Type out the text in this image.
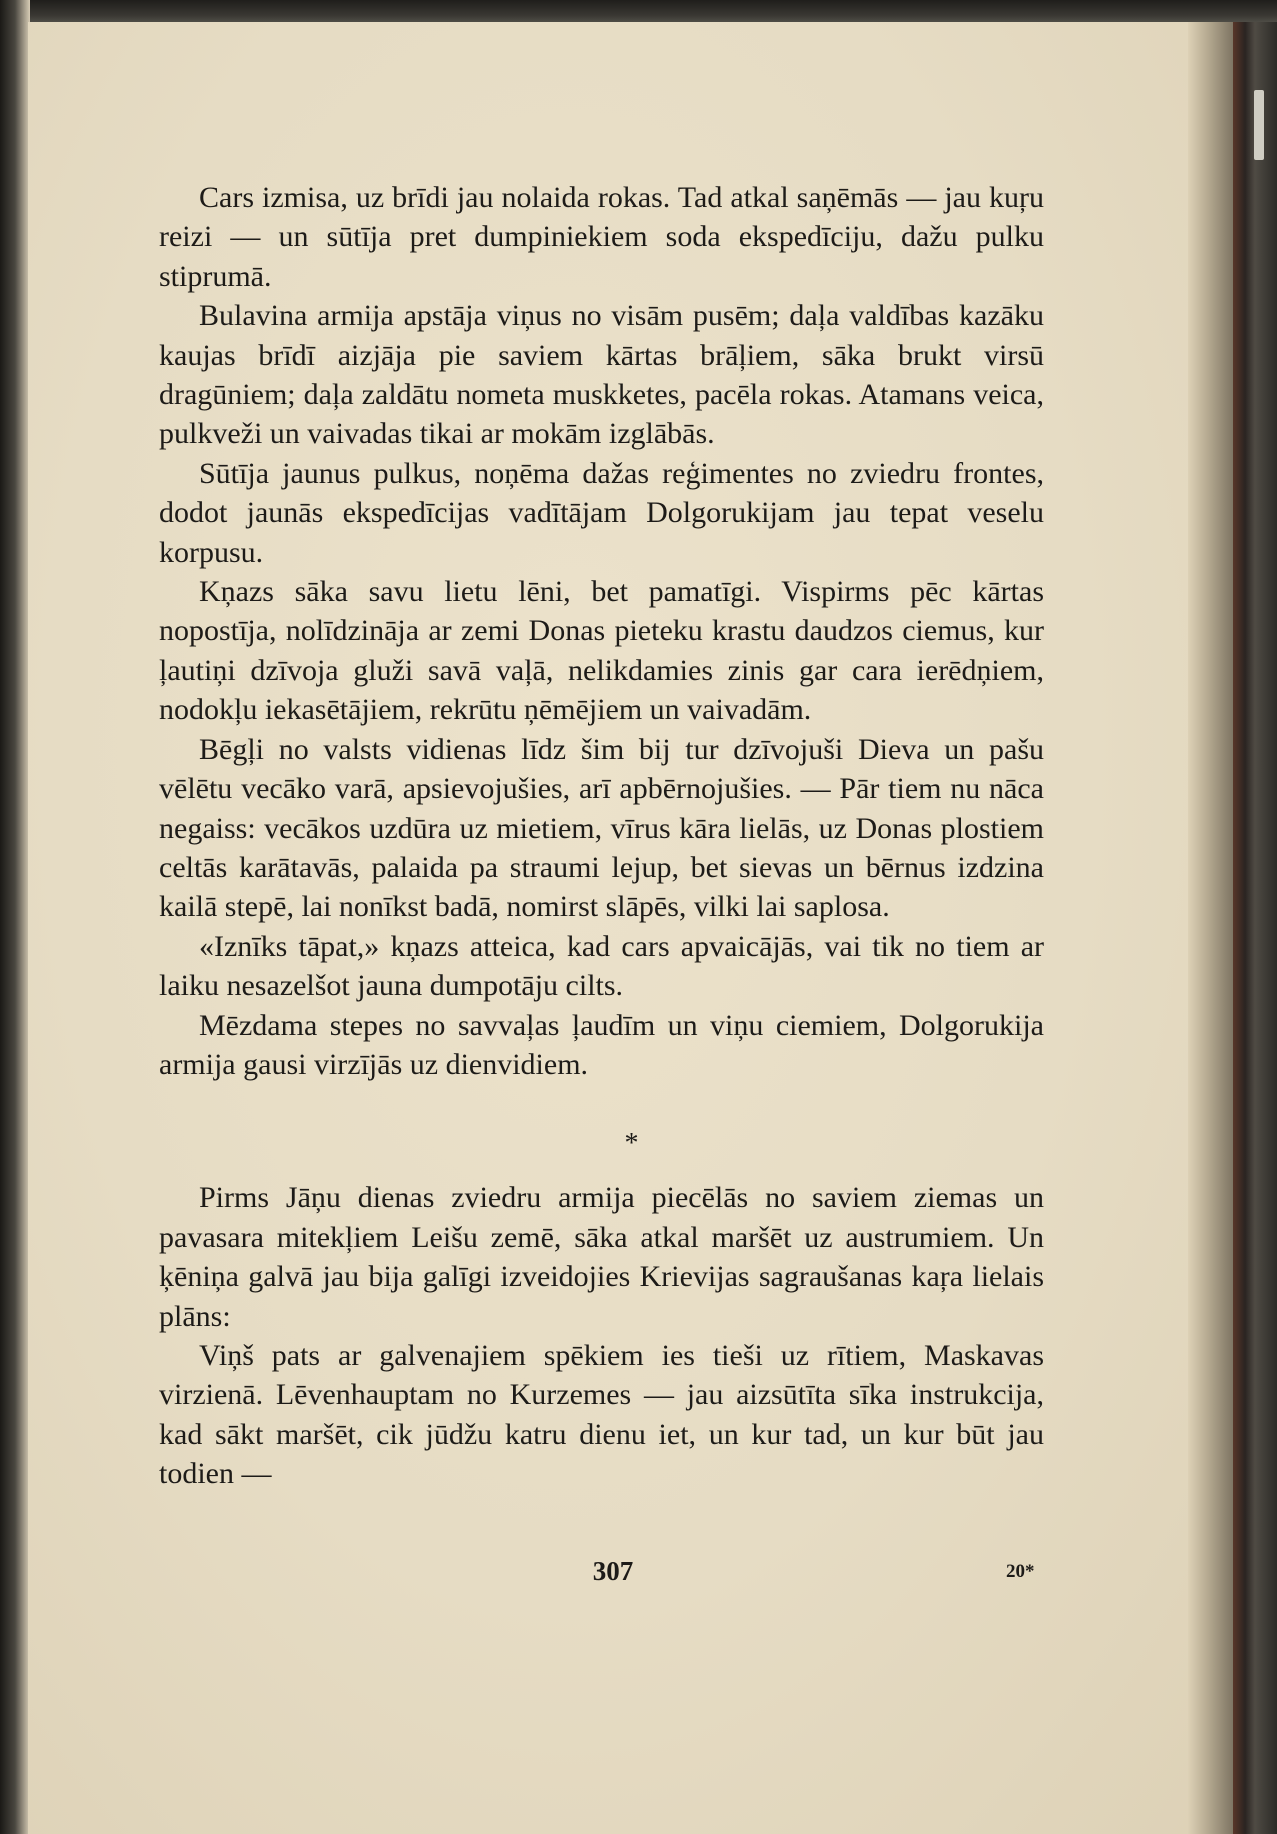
Cars izmisa, uz brīdi jau nolaida rokas. Tad atkal saņēmās — jau kuŗu reizi — un sūtīja pret dumpiniekiem soda ekspedīciju, dažu pulku stiprumā.

Bulavina armija apstāja viņus no visām pusēm; daļa valdības kazāku kaujas brīdī aizjāja pie saviem kārtas brāļiem, sāka brukt virsū dragūniem; daļa zaldātu nometa muskketes, pacēla rokas. Atamans veica, pulkveži un vaivadas tikai ar mokām izglābās.

Sūtīja jaunus pulkus, noņēma dažas reģimentes no zviedru frontes, dodot jaunās ekspedīcijas vadītājam Dolgorukijam jau tepat veselu korpusu.

Kņazs sāka savu lietu lēni, bet pamatīgi. Vispirms pēc kārtas nopostīja, nolīdzināja ar zemi Donas pieteku krastu daudzos ciemus, kur ļautiņi dzīvoja gluži savā vaļā, nelikdamies zinis gar cara ierēdņiem, nodokļu iekasētājiem, rekrūtu ņēmējiem un vaivadām.

Bēgļi no valsts vidienas līdz šim bij tur dzīvojuši Dieva un pašu vēlētu vecāko varā, apsievojušies, arī apbērnojušies. — Pār tiem nu nāca negaiss: vecākos uzdūra uz mietiem, vīrus kāra lielās, uz Donas plostiem celtās karātavās, palaida pa straumi lejup, bet sievas un bērnus izdzina kailā stepē, lai nonīkst badā, nomirst slāpēs, vilki lai saplosa.

«Iznīks tāpat,» kņazs atteica, kad cars apvaicājās, vai tik no tiem ar laiku nesazelšot jauna dumpotāju cilts.

Mēzdama stepes no savvaļas ļaudīm un viņu ciemiem, Dolgorukija armija gausi virzījās uz dienvidiem.

*

Pirms Jāņu dienas zviedru armija piecēlās no saviem ziemas un pavasara mitekļiem Leišu zemē, sāka atkal maršēt uz austrumiem. Un ķēniņa galvā jau bija galīgi izveidojies Krievijas sagraušanas kaŗa lielais plāns:

Viņš pats ar galvenajiem spēkiem ies tieši uz rītiem, Maskavas virzienā. Lēvenhauptam no Kurzemes — jau aizsūtīta sīka instrukcija, kad sākt maršēt, cik jūdžu katru dienu iet, un kur tad, un kur būt jau todien —

307	20*
